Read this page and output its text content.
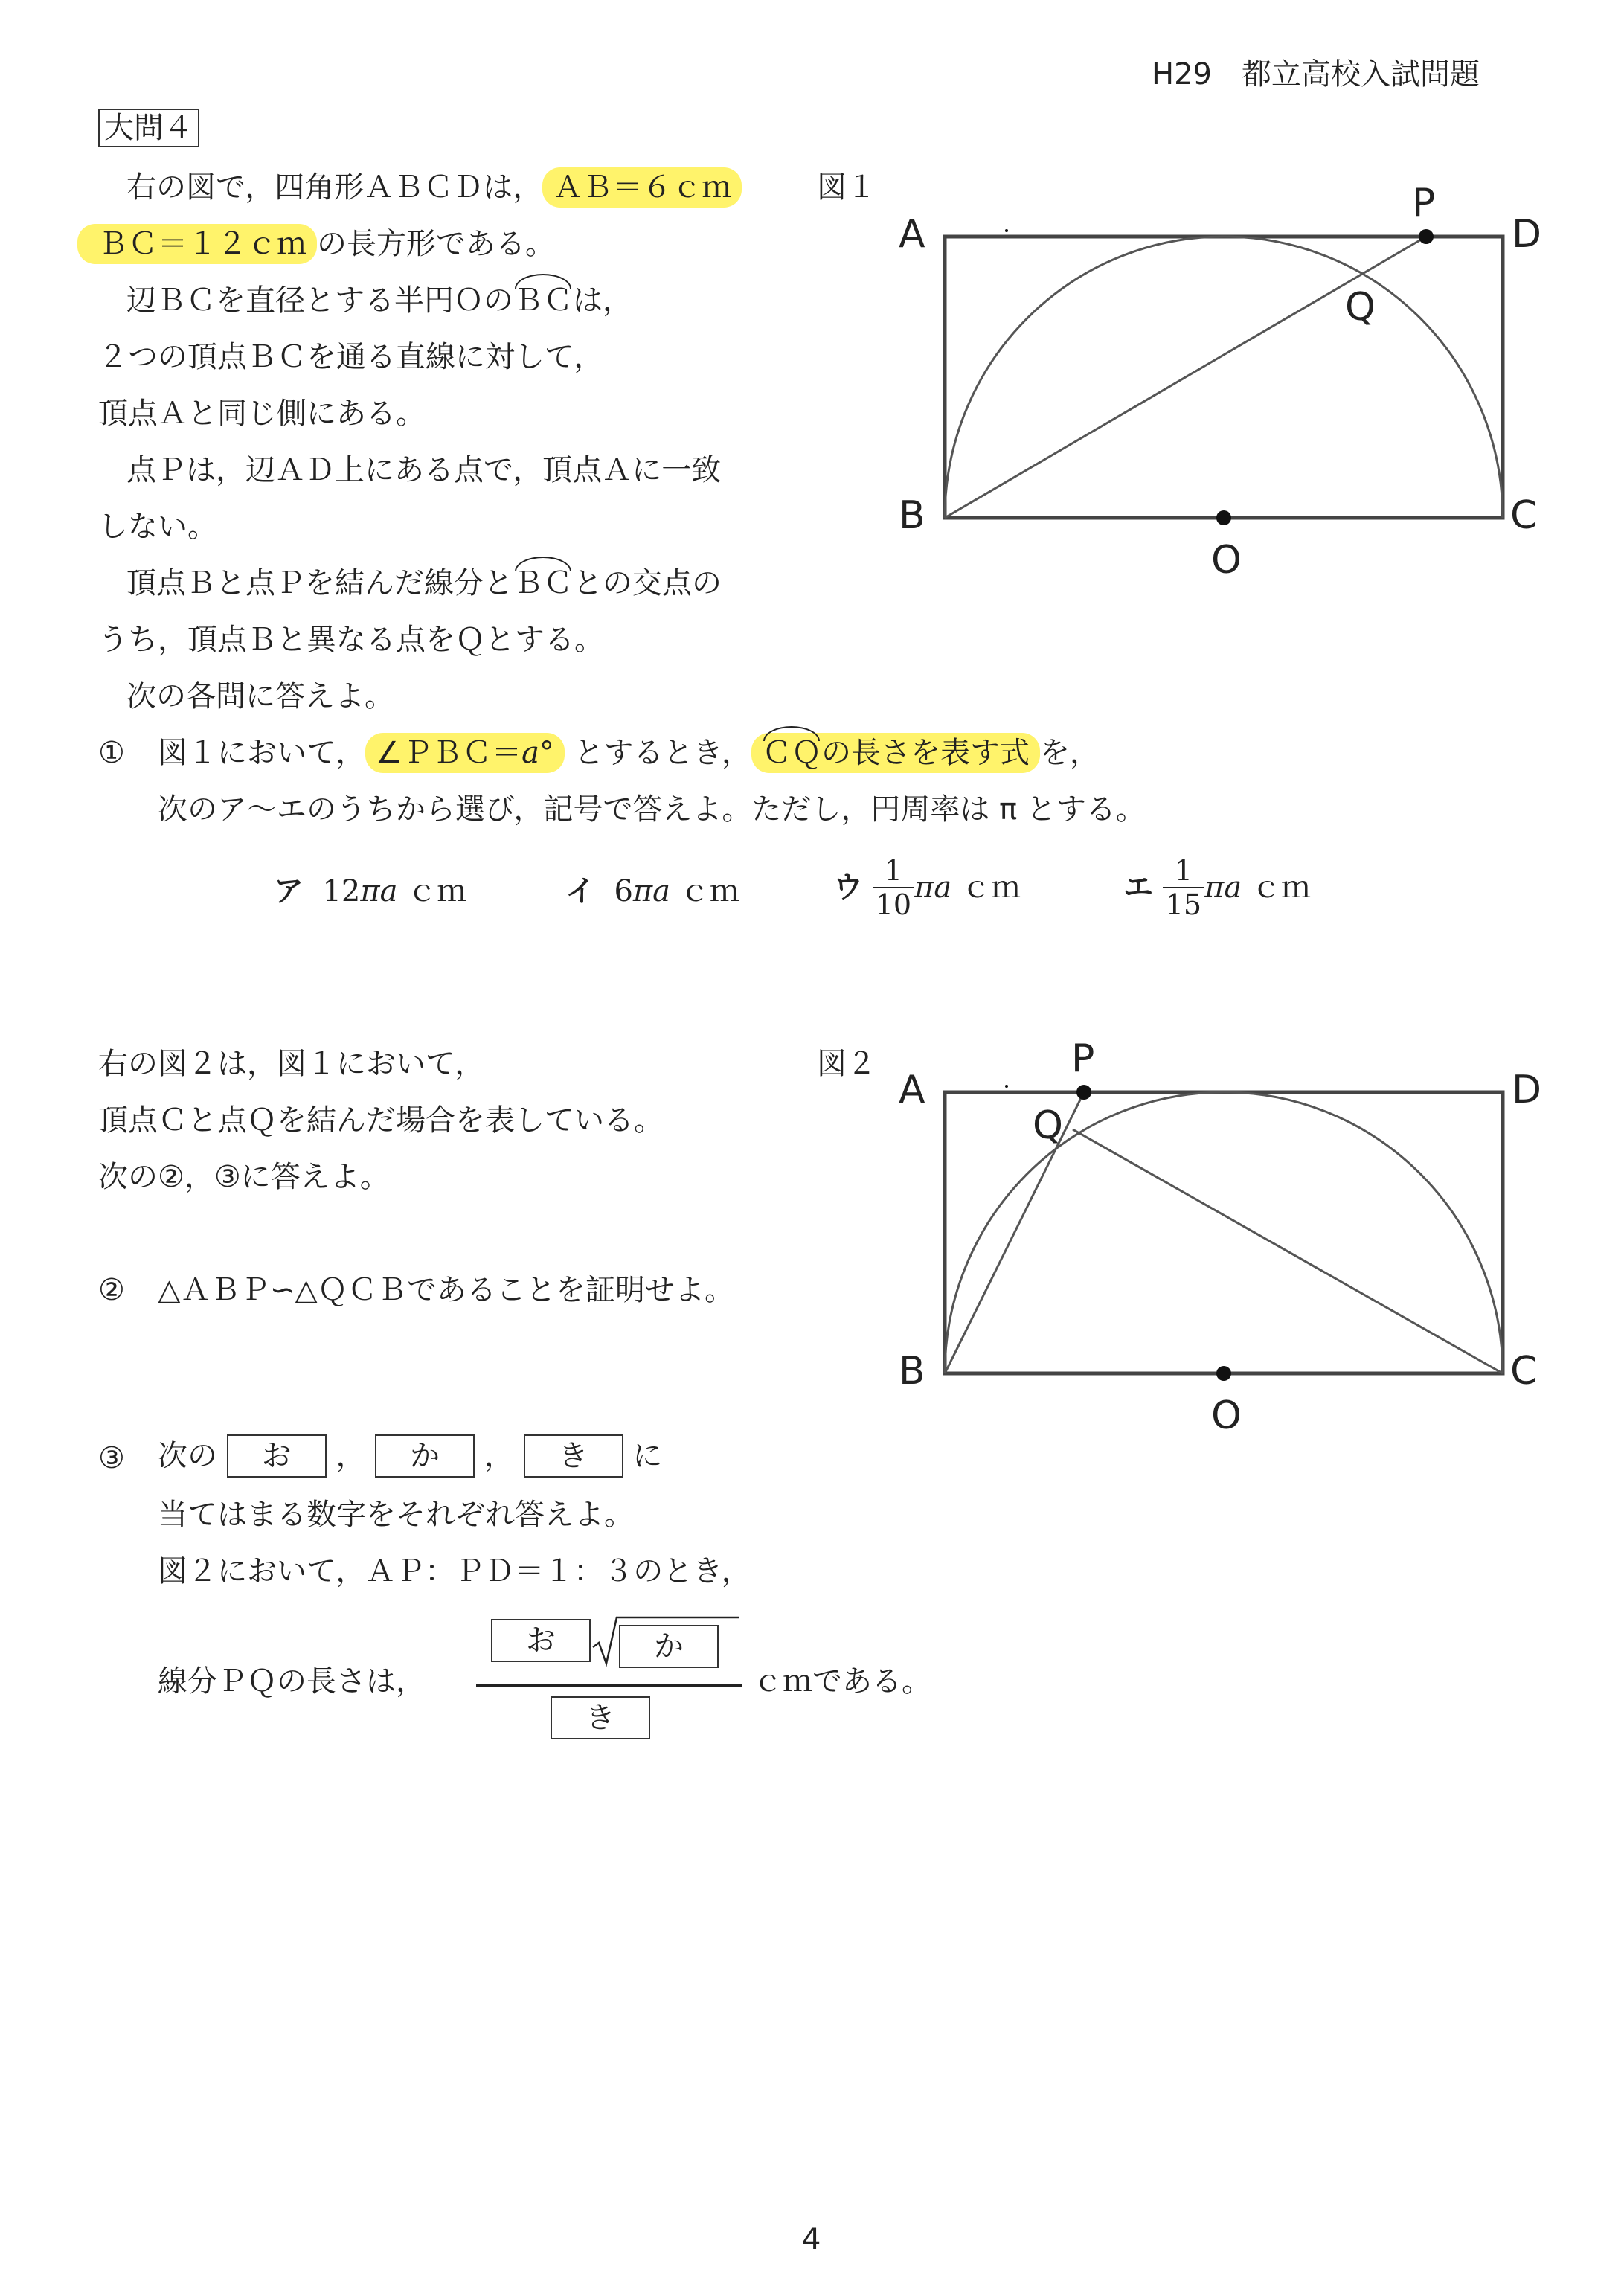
H29　都立高校入試問題
大問４
右の図で，四角形ＡＢＣＤは， ＡＢ＝６ｃｍ
ＢＣ＝１２ｃｍ の長方形である。
辺ＢＣを直径とする半円ＯのＢＣは，
２つの頂点ＢＣを通る直線に対して，
頂点Ａと同じ側にある。
点Ｐは，辺ＡＤ上にある点で，頂点Ａに一致
しない。
頂点Ｂと点Ｐを結んだ線分とＢＣとの交点の
うち，頂点Ｂと異なる点をＱとする。
次の各問に答えよ。
図１
A
B	C
D
P
Q
O
① 図１において， ∠ＰＢＣ＝a° とするとき， ＣＱの長さを表す式 を，
次のア～エのうちから選び，記号で答えよ。ただし，円周率は π とする。
ア 12πa ｃｍ	イ 6πa ｃｍ	ウ $\frac{1}{10}$ πa ｃｍ	エ $\frac{1}{15}$ πa ｃｍ
右の図２は，図１において，
頂点Ｃと点Ｑを結んだ場合を表している。
次の②，③に答えよ。
図２
A
B	C
D
P
Q
O
② △ＡＢＰ∽△ＱＣＢであることを証明せよ。
③ 次の お ， か ， き に
当てはまる数字をそれぞれ答えよ。
図２において，ＡＰ：ＰＤ＝１：３のとき，
線分ＰＱの長さは，
お	か
き
ｃｍである。
4
